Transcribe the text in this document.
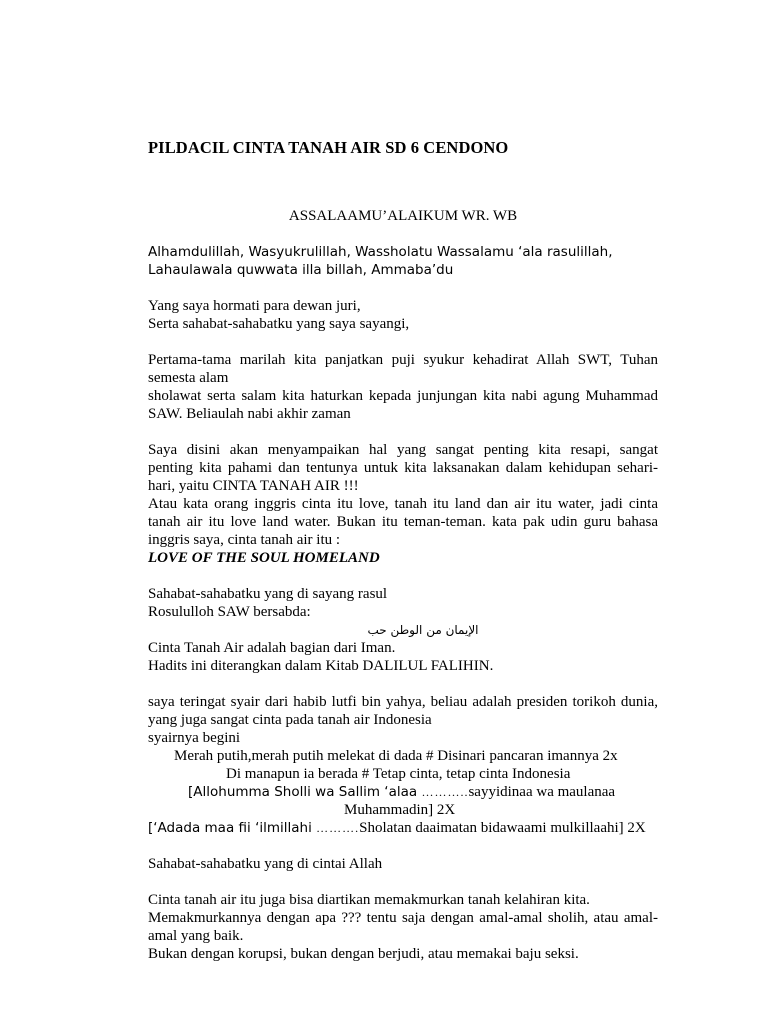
PILDACIL CINTA TANAH AIR SD 6 CENDONO
ASSALAAMU’ALAIKUM WR. WB
Alhamdulillah, Wasyukrulillah, Wassholatu Wassalamu ‘ala rasulillah,
Lahaulawala quwwata illa billah, Ammaba’du
Yang saya hormati para dewan juri,
Serta sahabat-sahabatku yang saya sayangi,
Pertama-tama marilah kita panjatkan puji syukur kehadirat Allah SWT, Tuhan
semesta alam
sholawat serta salam kita haturkan kepada junjungan kita nabi agung Muhammad
SAW. Beliaulah nabi akhir zaman
Saya disini akan menyampaikan hal yang sangat penting kita resapi, sangat
penting kita pahami dan tentunya untuk kita laksanakan dalam kehidupan sehari-
hari, yaitu CINTA TANAH AIR !!!
Atau kata orang inggris cinta itu love, tanah itu land dan air itu water, jadi cinta
tanah air itu love land water. Bukan itu teman-teman. kata pak udin guru bahasa
inggris saya, cinta tanah air itu :
LOVE OF THE SOUL HOMELAND
Sahabat-sahabatku yang di sayang rasul
Rosululloh SAW bersabda:
الإيمان من الوطن حب
Cinta Tanah Air adalah bagian dari Iman.
Hadits ini diterangkan dalam Kitab DALILUL FALIHIN.
saya teringat syair dari habib lutfi bin yahya, beliau adalah presiden torikoh dunia,
yang juga sangat cinta pada tanah air Indonesia
syairnya begini
Merah putih,merah putih melekat di dada # Disinari pancaran imannya 2x
Di manapun ia berada # Tetap cinta, tetap cinta Indonesia
[Allohumma Sholli wa Sallim ‘alaa ………..sayyidinaa wa maulanaa
Muhammadin] 2X
[‘Adada maa fii ‘ilmillahi ……….Sholatan daaimatan bidawaami mulkillaahi] 2X
Sahabat-sahabatku yang di cintai Allah
Cinta tanah air itu juga bisa diartikan memakmurkan tanah kelahiran kita.
Memakmurkannya dengan apa ??? tentu saja dengan amal-amal sholih, atau amal-
amal yang baik.
Bukan dengan korupsi, bukan dengan berjudi, atau memakai baju seksi.
